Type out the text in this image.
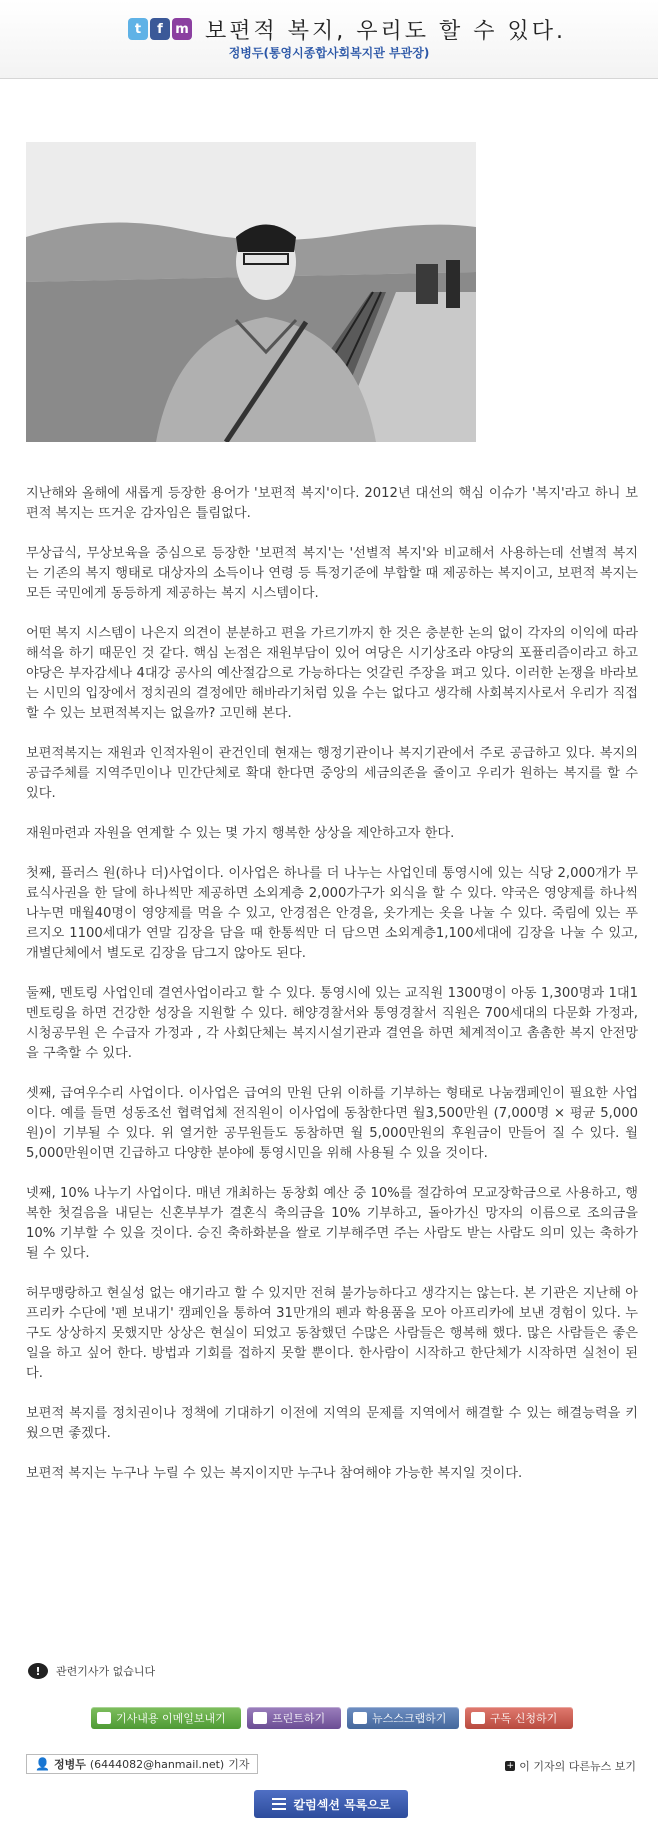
t	f m 보편적 복지, 우리도 할 수 있다.
정병두(통영시종합사회복지관 부관장)

지난해와 올해에 새롭게 등장한 용어가 '보편적 복지'이다. 2012년 대선의 핵심 이슈가 '복지'라고 하니 보편적 복지는 뜨거운 감자임은 틀림없다.

무상급식, 무상보육을 중심으로 등장한 '보편적 복지'는 '선별적 복지'와 비교해서 사용하는데 선별적 복지는 기존의 복지 행태로 대상자의 소득이나 연령 등 특정기준에 부합할 때 제공하는 복지이고, 보편적 복지는 모든 국민에게 동등하게 제공하는 복지 시스템이다.

어떤 복지 시스템이 나은지 의견이 분분하고 편을 가르기까지 한 것은 충분한 논의 없이 각자의 이익에 따라 해석을 하기 때문인 것 같다. 핵심 논점은 재원부담이 있어 여당은 시기상조라 야당의 포퓰리즘이라고 하고 야당은 부자감세나 4대강 공사의 예산절감으로 가능하다는 엇갈린 주장을 펴고 있다. 이러한 논쟁을 바라보는 시민의 입장에서 정치권의 결정에만 해바라기처럼 있을 수는 없다고 생각해 사회복지사로서 우리가 직접 할 수 있는 보편적복지는 없을까? 고민해 본다.

보편적복지는 재원과 인적자원이 관건인데 현재는 행정기관이나 복지기관에서 주로 공급하고 있다. 복지의 공급주체를 지역주민이나 민간단체로 확대 한다면 중앙의 세금의존을 줄이고 우리가 원하는 복지를 할 수 있다.

재원마련과 자원을 연계할 수 있는 몇 가지 행복한 상상을 제안하고자 한다.

첫째, 플러스 원(하나 더)사업이다. 이사업은 하나를 더 나누는 사업인데 통영시에 있는 식당 2,000개가 무료식사권을 한 달에 하나씩만 제공하면 소외계층 2,000가구가 외식을 할 수 있다. 약국은 영양제를 하나씩 나누면 매월40명이 영양제를 먹을 수 있고, 안경점은 안경을, 옷가게는 옷을 나눌 수 있다. 죽림에 있는 푸르지오 1100세대가 연말 김장을 담을 때 한통씩만 더 담으면 소외계층1,100세대에 김장을 나눌 수 있고, 개별단체에서 별도로 김장을 담그지 않아도 된다.

둘째, 멘토링 사업인데 결연사업이라고 할 수 있다. 통영시에 있는 교직원 1300명이 아동 1,300명과 1대1 멘토링을 하면 건강한 성장을 지원할 수 있다. 해양경찰서와 통영경찰서 직원은 700세대의 다문화 가정과, 시청공무원 은 수급자 가정과 , 각 사회단체는 복지시설기관과 결연을 하면 체계적이고 촘촘한 복지 안전망을 구축할 수 있다.

셋째, 급여우수리 사업이다. 이사업은 급여의 만원 단위 이하를 기부하는 형태로 나눔캠페인이 필요한 사업이다. 예를 들면 성동조선 협력업체 전직원이 이사업에 동참한다면 월3,500만원 (7,000명 × 평균 5,000원)이 기부될 수 있다. 위 열거한 공무원들도 동참하면 월 5,000만원의 후원금이 만들어 질 수 있다. 월 5,000만원이면 긴급하고 다양한 분야에 통영시민을 위해 사용될 수 있을 것이다.

넷째, 10% 나누기 사업이다. 매년 개최하는 동창회 예산 중 10%를 절감하여 모교장학금으로 사용하고, 행복한 첫걸음을 내딛는 신혼부부가 결혼식 축의금을 10% 기부하고, 돌아가신 망자의 이름으로 조의금을 10% 기부할 수 있을 것이다. 승진 축하화분을 쌀로 기부해주면 주는 사람도 받는 사람도 의미 있는 축하가 될 수 있다.

허무맹랑하고 현실성 없는 얘기라고 할 수 있지만 전혀 불가능하다고 생각지는 않는다. 본 기관은 지난해 아프리카 수단에 '펜 보내기' 캠페인을 통하여 31만개의 펜과 학용품을 모아 아프리카에 보낸 경험이 있다. 누구도 상상하지 못했지만 상상은 현실이 되었고 동참했던 수많은 사람들은 행복해 했다. 많은 사람들은 좋은 일을 하고 싶어 한다. 방법과 기회를 접하지 못할 뿐이다. 한사람이 시작하고 한단체가 시작하면 실천이 된다.

보편적 복지를 정치권이나 정책에 기대하기 이전에 지역의 문제를 지역에서 해결할 수 있는 해결능력을 키웠으면 좋겠다.

보편적 복지는 누구나 누릴 수 있는 복지이지만 누구나 참여해야 가능한 복지일 것이다.

!	관련기사가 없습니다
기사내용 이메일보내기	프린트하기	뉴스스크랩하기	구독 신청하기
👤 정병두 (6444082@hanmail.net) 기자	+ 이 기자의 다른뉴스 보기
칼럼섹션 목록으로
